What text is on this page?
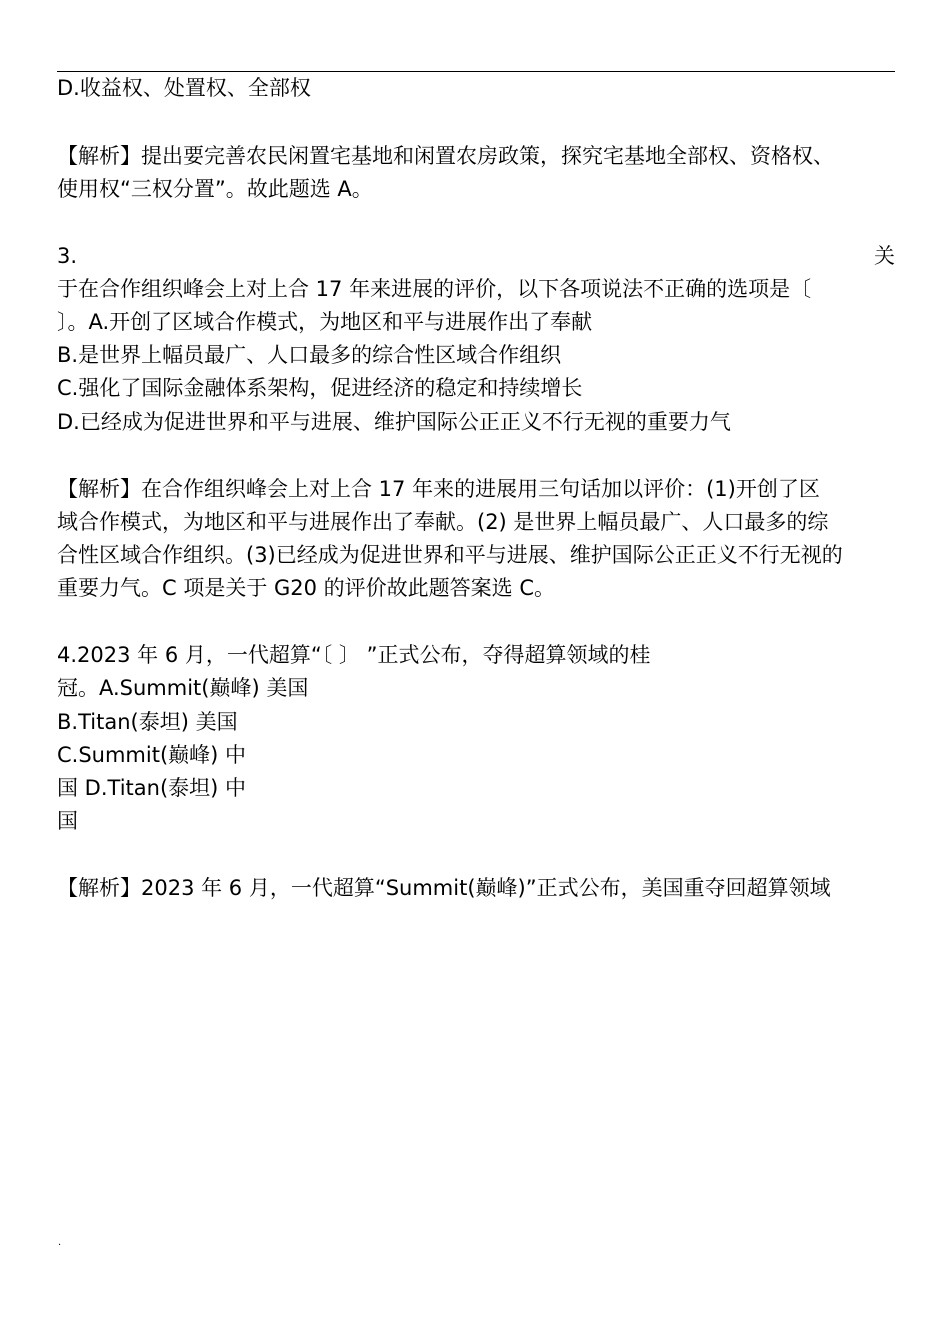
D.收益权、处置权、全部权
【解析】提出要完善农民闲置宅基地和闲置农房政策，探究宅基地全部权、资格权、
使用权“三权分置”。故此题选 A。
3.	关
于在合作组织峰会上对上合 17 年来进展的评价，以下各项说法不正确的选项是〔
〕。A.开创了区域合作模式，为地区和平与进展作出了奉献
B.是世界上幅员最广、人口最多的综合性区域合作组织
C.强化了国际金融体系架构，促进经济的稳定和持续增长
D.已经成为促进世界和平与进展、维护国际公正正义不行无视的重要力气
【解析】在合作组织峰会上对上合 17 年来的进展用三句话加以评价：(1)开创了区
域合作模式，为地区和平与进展作出了奉献。(2) 是世界上幅员最广、人口最多的综
合性区域合作组织。(3)已经成为促进世界和平与进展、维护国际公正正义不行无视的
重要力气。C 项是关于 G20 的评价故此题答案选 C。
4.2023 年 6 月，一代超算“〔 〕 ”正式公布，夺得超算领域的桂
冠。A.Summit(巅峰) 美国
B.Titan(泰坦) 美国
C.Summit(巅峰) 中
国 D.Titan(泰坦) 中
国
【解析】2023 年 6 月，一代超算“Summit(巅峰)”正式公布，美国重夺回超算领域
.
